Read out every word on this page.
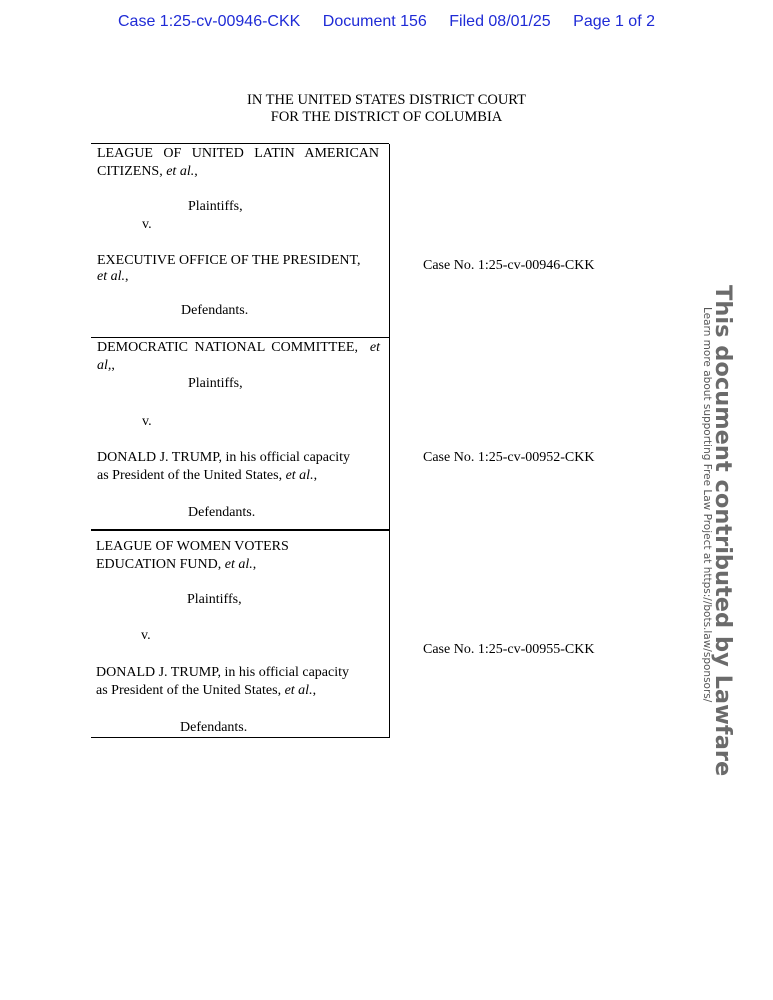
Case 1:25-cv-00946-CKK Document 156 Filed 08/01/25 Page 1 of 2
IN THE UNITED STATES DISTRICT COURT
FOR THE DISTRICT OF COLUMBIA
LEAGUE OF UNITED LATIN AMERICAN
CITIZENS, et al.,
Plaintiffs,
v.
EXECUTIVE OFFICE OF THE PRESIDENT,
et al.,
Defendants.
Case No. 1:25-cv-00946-CKK
DEMOCRATIC NATIONAL COMMITTEE, et
al,,
Plaintiffs,
v.
DONALD J. TRUMP, in his official capacity
as President of the United States, et al.,
Defendants.
Case No. 1:25-cv-00952-CKK
LEAGUE OF WOMEN VOTERS
EDUCATION FUND, et al.,
Plaintiffs,
v.
DONALD J. TRUMP, in his official capacity
as President of the United States, et al.,
Defendants.
Case No. 1:25-cv-00955-CKK	This document contributed by Lawfare
Learn more about supporting Free Law Project at https://bots.law/sponsors/
